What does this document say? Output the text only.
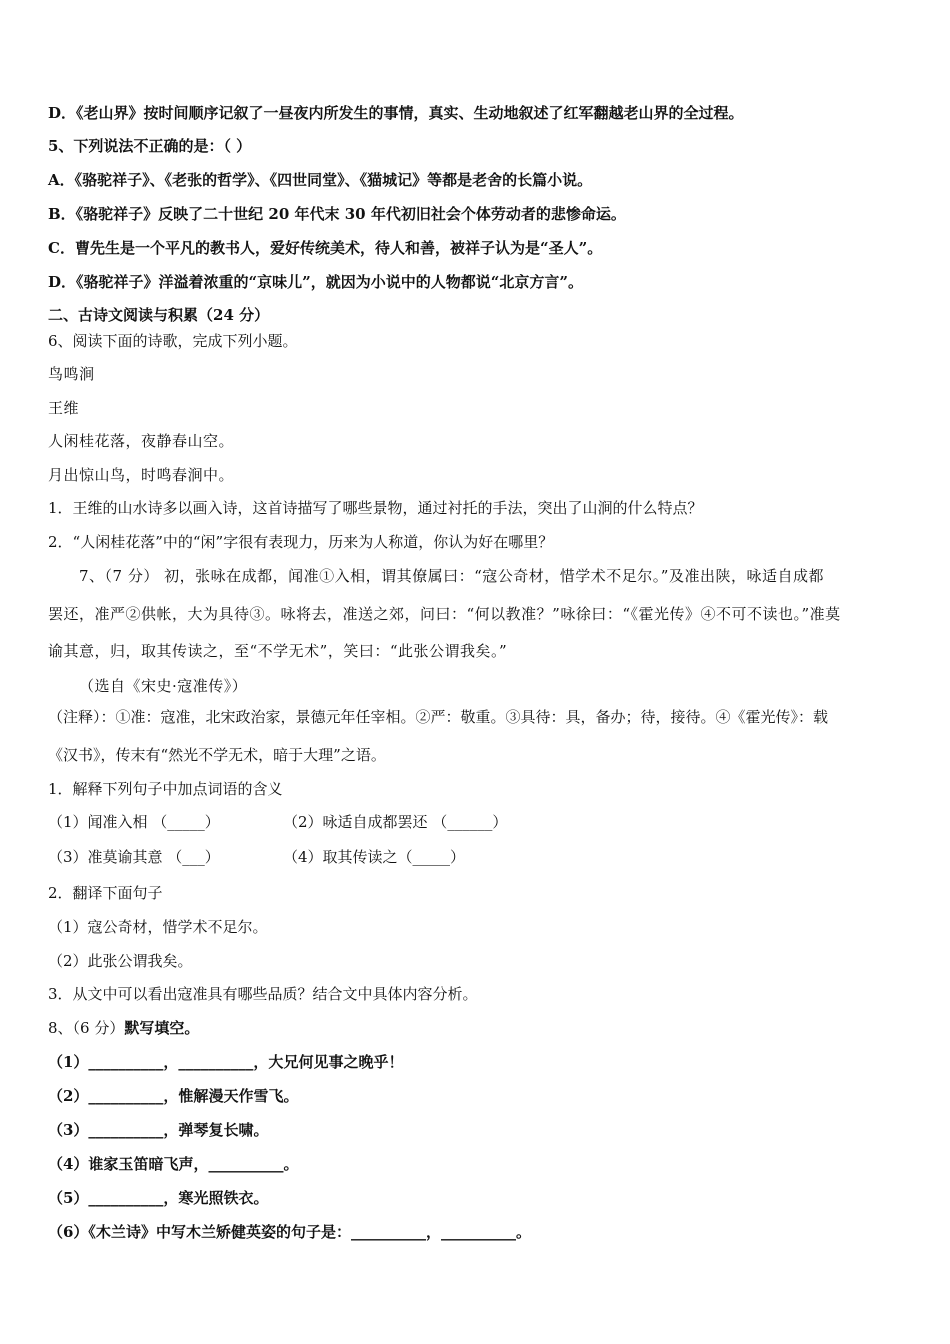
D．《老山界》按时间顺序记叙了一昼夜内所发生的事情，真实、生动地叙述了红军翻越老山界的全过程。
5、下列说法不正确的是：（ ）
A．《骆驼祥子》、《老张的哲学》、《四世同堂》、《猫城记》等都是老舍的长篇小说。
B．《骆驼祥子》反映了二十世纪 20 年代末 30 年代初旧社会个体劳动者的悲惨命运。
C．曹先生是一个平凡的教书人，爱好传统美术，待人和善，被祥子认为是“圣人”。
D．《骆驼祥子》洋溢着浓重的“京味儿”，就因为小说中的人物都说“北京方言”。
二、古诗文阅读与积累（24 分）
6、阅读下面的诗歌，完成下列小题。
鸟鸣涧
王维
人闲桂花落，夜静春山空。
月出惊山鸟，时鸣春涧中。
1．王维的山水诗多以画入诗，这首诗描写了哪些景物，通过衬托的手法，突出了山涧的什么特点？
2．“人闲桂花落”中的“闲”字很有表现力，历来为人称道，你认为好在哪里？
7、（7 分） 初，张咏在成都，闻准①入相，谓其僚属曰：“寇公奇材，惜学术不足尔。”及准出陕，咏适自成都
罢还，准严②供帐，大为具待③。咏将去，准送之郊，问曰：“何以教准？”咏徐曰：“《霍光传》④不可不读也。”准莫
谕其意，归，取其传读之，至“不学无术”，笑曰：“此张公谓我矣。”
（选自《宋史·寇准传》）
（注释）：①准：寇准，北宋政治家，景德元年任宰相。②严：敬重。③具待：具，备办；待，接待。④《霍光传》：载
《汉书》，传末有“然光不学无术，暗于大理”之语。
1．解释下列句子中加点词语的含义
（1）闻准入相 （_____）	（2）咏适自成都罢还 （______）
（3）准莫谕其意 （___）	（4）取其传读之（_____）
2．翻译下面句子
（1）寇公奇材，惜学术不足尔。
（2）此张公谓我矣。
3．从文中可以看出寇准具有哪些品质？结合文中具体内容分析。
8、（6 分）默写填空。
（1）__________，__________，大兄何见事之晚乎！
（2）__________，惟解漫天作雪飞。
（3）__________，弹琴复长啸。
（4）谁家玉笛暗飞声，__________。
（5）__________，寒光照铁衣。
（6）《木兰诗》中写木兰矫健英姿的句子是：__________，__________。
